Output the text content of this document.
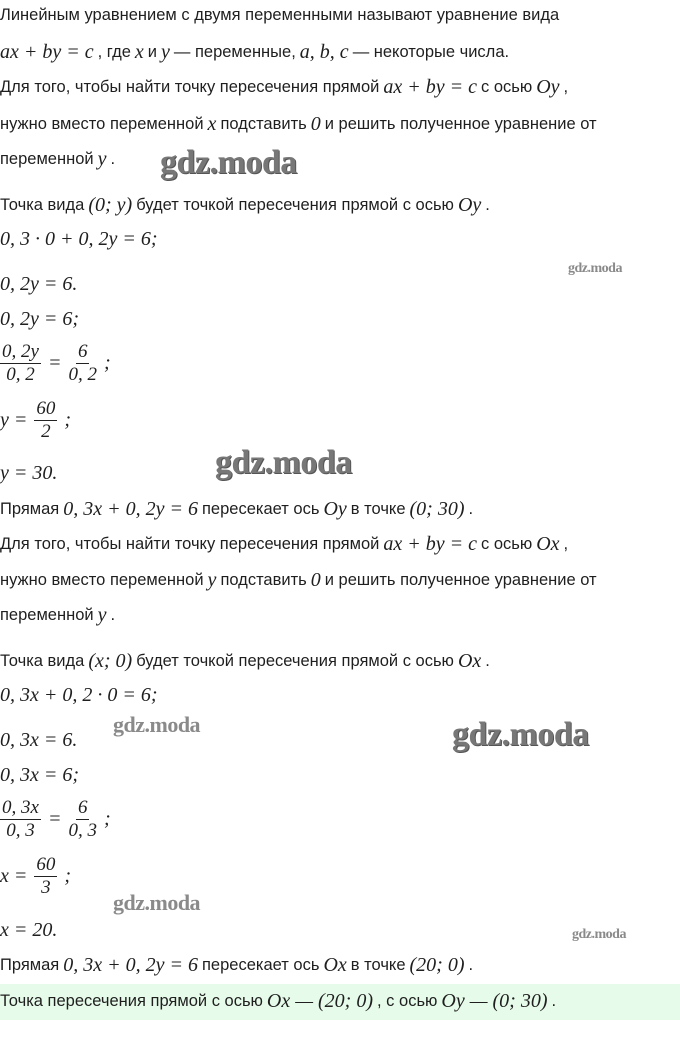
Линейным уравнением с двумя переменными называют уравнение вида
ax + by = c , где x и y — переменные, a, b, c — некоторые числа.
Для того, чтобы найти точку пересечения прямой ax + by = c с осью Oy ,
нужно вместо переменной x подставить 0 и решить полученное уравнение от
переменной y .
Точка вида (0; y) будет точкой пересечения прямой с осью Oy .
0, 3 · 0 + 0, 2y = 6;
0, 2y = 6.
0, 2y = 6;
$\frac{0, 2y}{0, 2} = \frac{6}{0, 2}$ ;
$y = \frac{60}{2}$ ;
y = 30.
Прямая 0, 3x + 0, 2y = 6 пересекает ось Oy в точке (0; 30) .
Для того, чтобы найти точку пересечения прямой ax + by = c с осью Ox ,
нужно вместо переменной y подставить 0 и решить полученное уравнение от
переменной y .
Точка вида (x; 0) будет точкой пересечения прямой с осью Ox .
0, 3x + 0, 2 · 0 = 6;
0, 3x = 6.
0, 3x = 6;
$\frac{0, 3x}{0, 3} = \frac{6}{0, 3}$ ;
$x = \frac{60}{3}$ ;
x = 20.
Прямая 0, 3x + 0, 2y = 6 пересекает ось Ox в точке (20; 0) .
Точка пересечения прямой с осью Ox — (20; 0) , с осью Oy — (0; 30) .
gdz.moda
gdz.moda
gdz.moda
gdz.moda	gdz.moda
gdz.moda
gdz.moda
